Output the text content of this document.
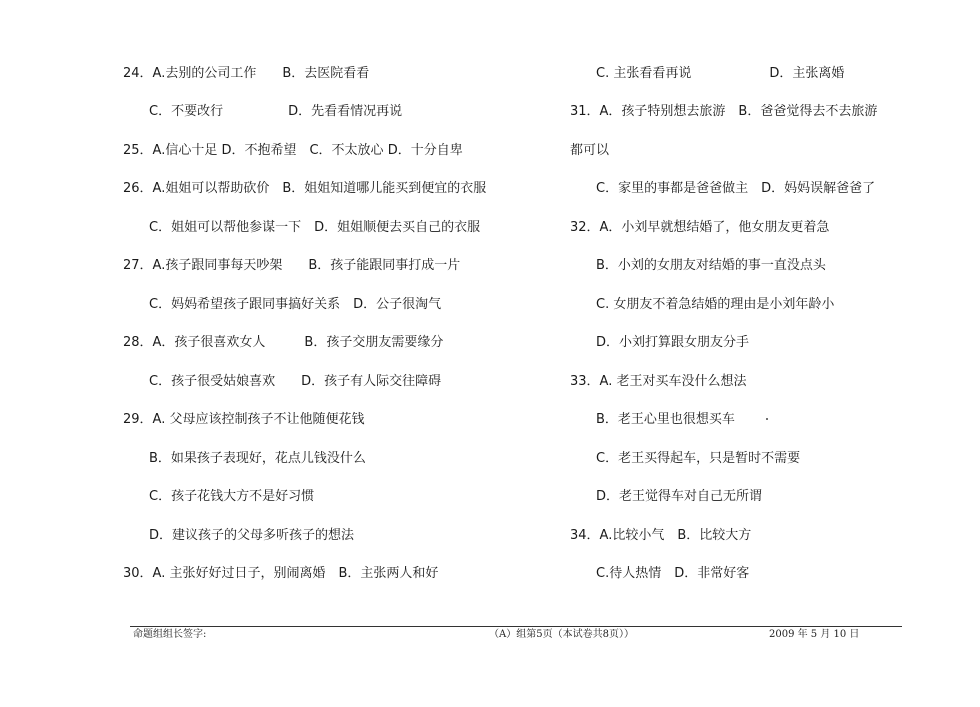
24．A.去别的公司工作　　B．去医院看看
C．不要改行　　　　　D．先看看情况再说
25．A.信心十足 D．不抱希望　C．不太放心 D．十分自卑
26．A.姐姐可以帮助砍价　B．姐姐知道哪儿能买到便宜的衣服
C．姐姐可以帮他参谋一下　D．姐姐顺便去买自己的衣服
27．A.孩子跟同事每天吵架　　B．孩子能跟同事打成一片
C．妈妈希望孩子跟同事搞好关系　D．公子很淘气
28．A．孩子很喜欢女人　　　B．孩子交朋友需要缘分
C．孩子很受姑娘喜欢　　D．孩子有人际交往障碍
29．A. 父母应该控制孩子不让他随便花钱
B．如果孩子表现好，花点儿钱没什么
C．孩子花钱大方不是好习惯
D．建议孩子的父母多听孩子的想法
30．A. 主张好好过日子，别闹离婚　B．主张两人和好
C. 主张看看再说　　　　　　D．主张离婚
31．A．孩子特别想去旅游　B．爸爸觉得去不去旅游
都可以
C．家里的事都是爸爸做主　D．妈妈误解爸爸了
32．A．小刘早就想结婚了，他女朋友更着急
B．小刘的女朋友对结婚的事一直没点头
C. 女朋友不着急结婚的理由是小刘年龄小
D．小刘打算跟女朋友分手
33．A. 老王对买车没什么想法
B．老王心里也很想买车
C．老王买得起车，只是暂时不需要
D．老王觉得车对自己无所谓
34．A.比较小气　B．比较大方
C.待人热情　D．非常好客
命题组组长签字:	（A）组第5页（本试卷共8页））	2009 年 5 月 10 日
